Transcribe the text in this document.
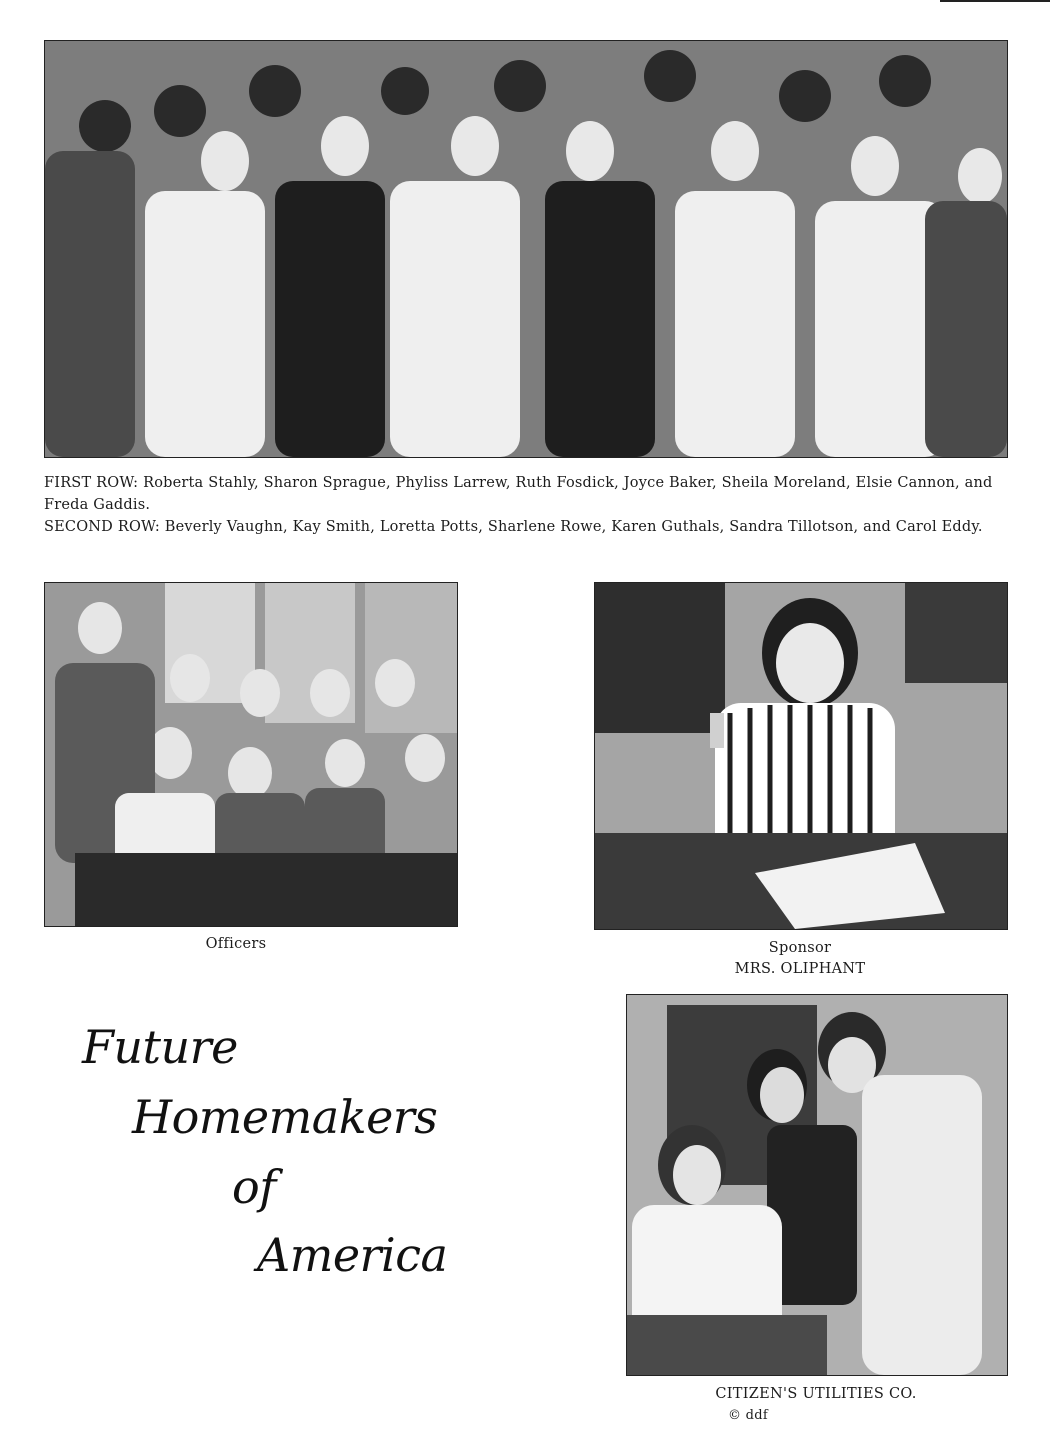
FIRST ROW: Roberta Stahly, Sharon Sprague, Phyliss Larrew, Ruth Fosdick, Joyce Baker, Sheila Moreland, Elsie Cannon, and Freda Gaddis.

SECOND ROW: Beverly Vaughn, Kay Smith, Loretta Potts, Sharlene Rowe, Karen Guthals, Sandra Tillotson, and Carol Eddy.

Officers	Sponsor
MRS. OLIPHANT
Future
Homemakers
of
America
CITIZEN'S UTILITIES CO.
© ddf
